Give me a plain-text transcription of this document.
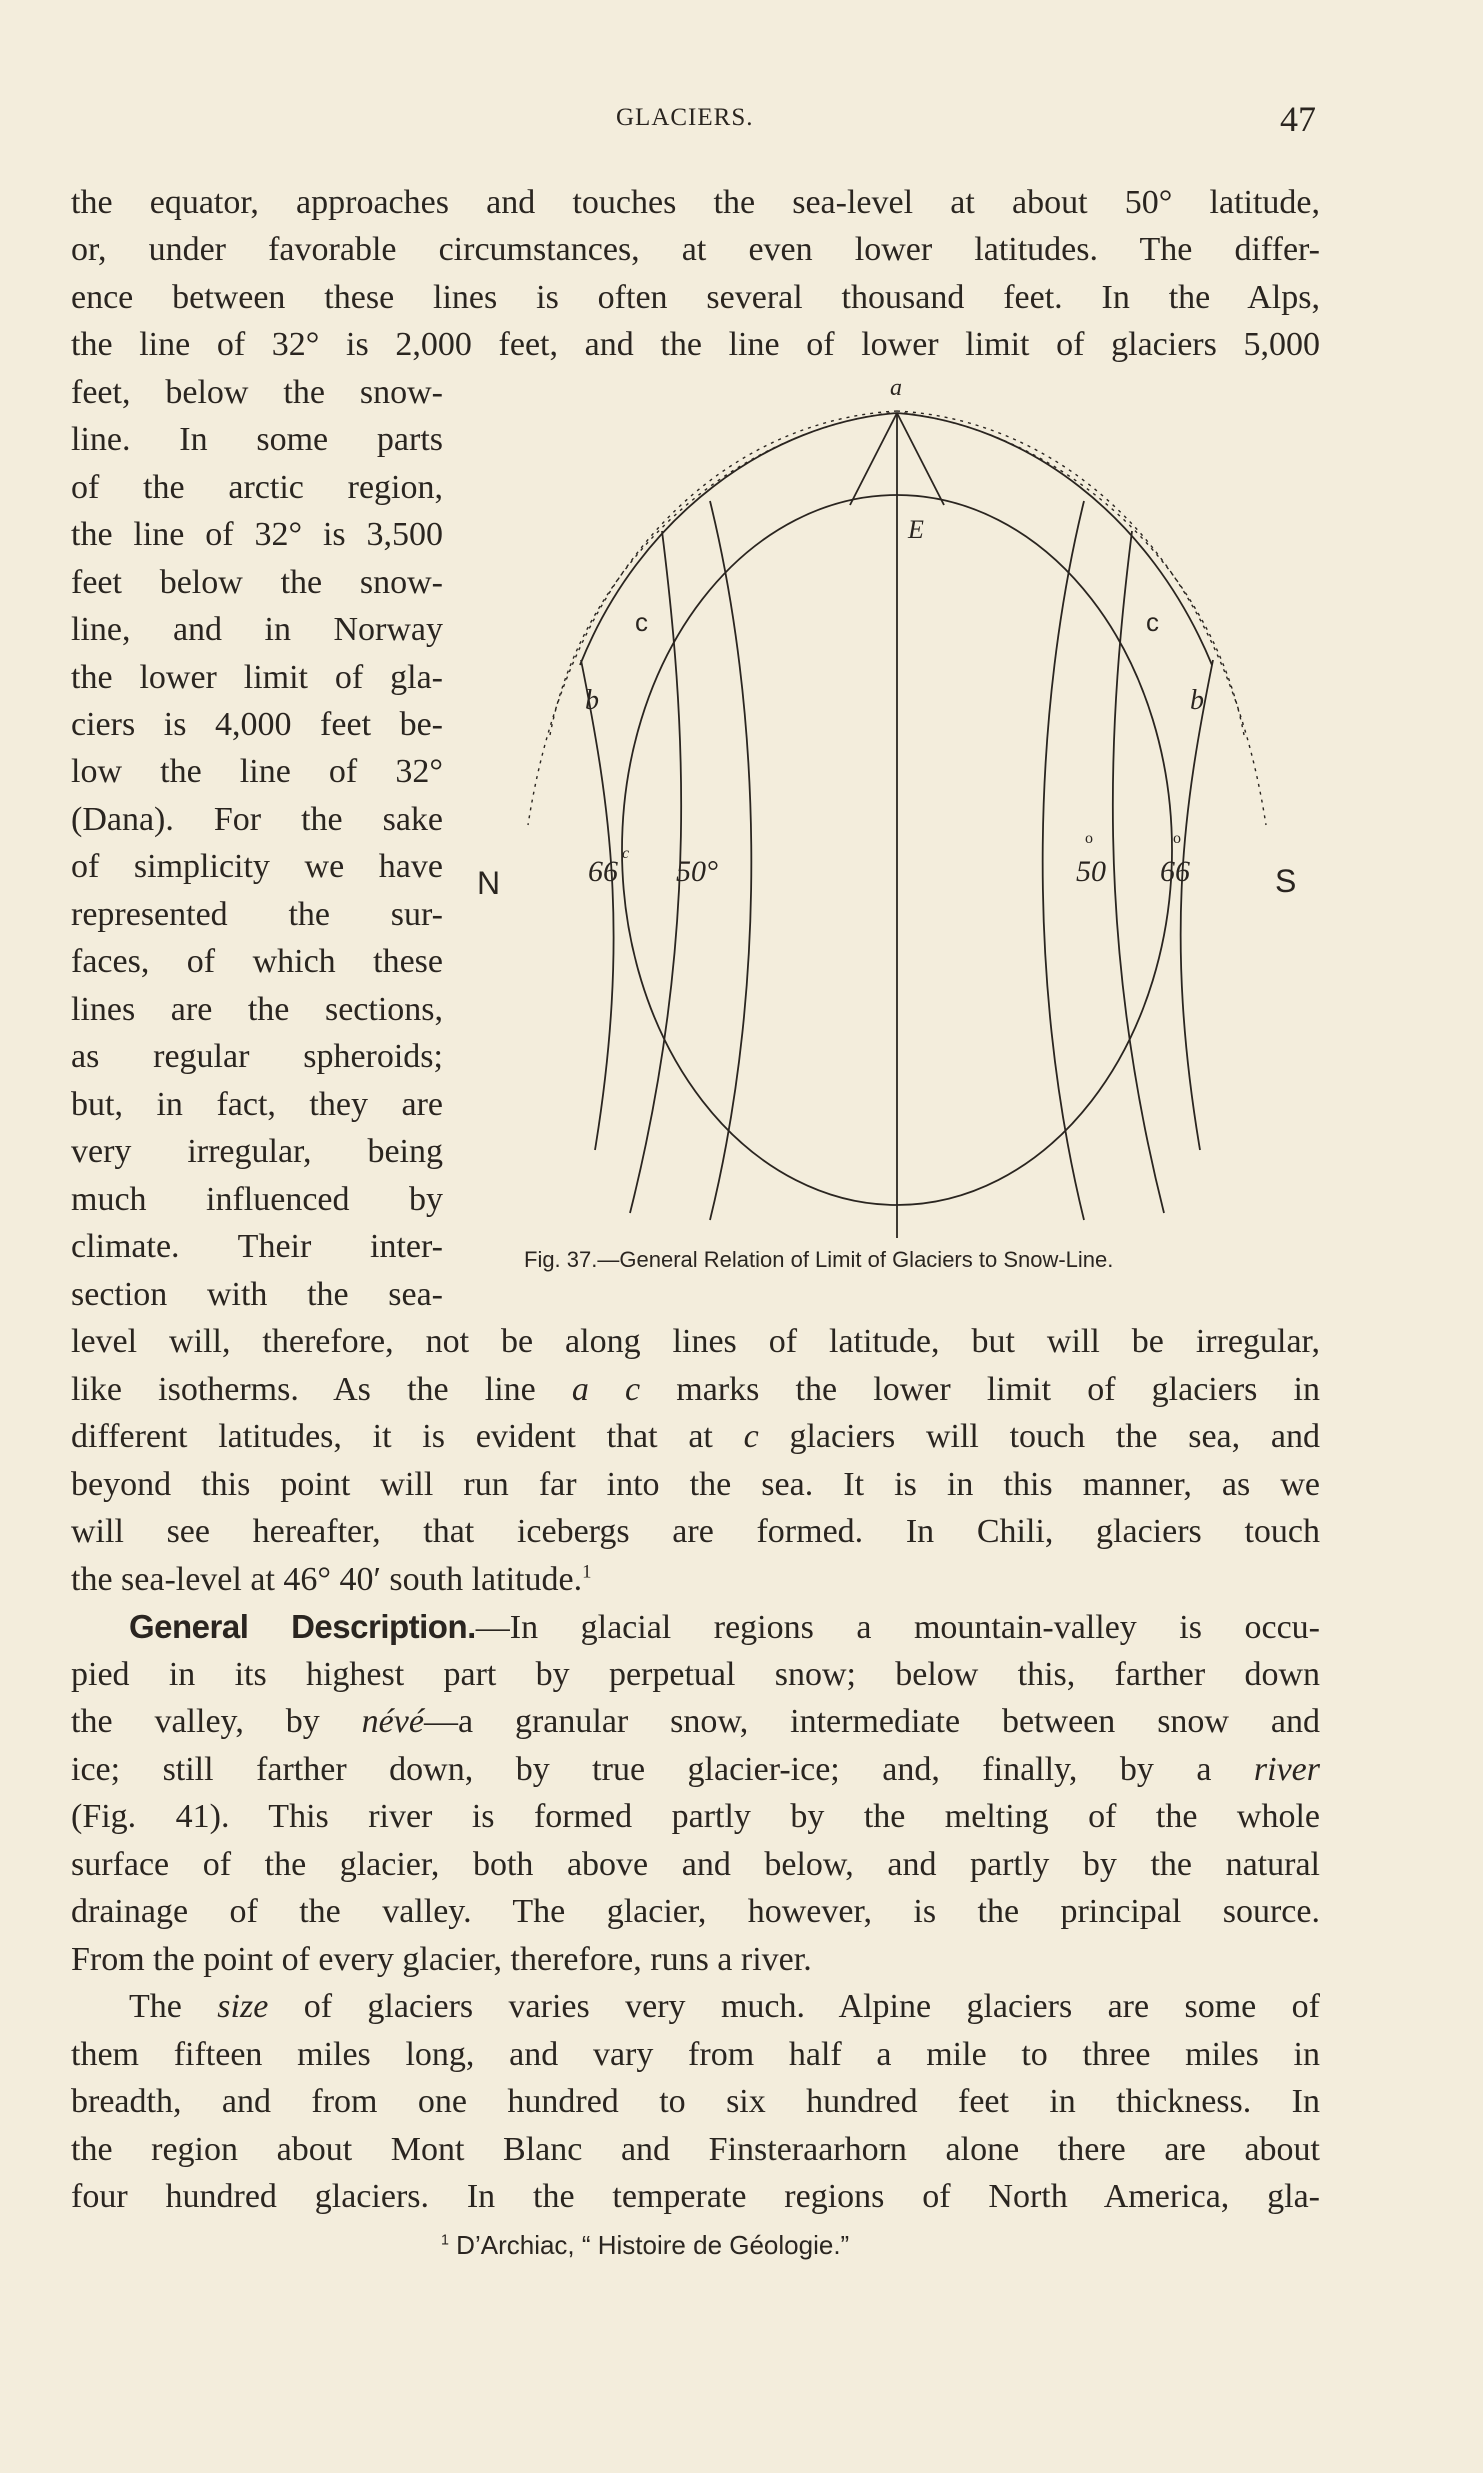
GLACIERS.	47
the equator, approaches and touches the sea-level at about 50° latitude,
or, under favorable circumstances, at even lower latitudes. The differ-
ence between these lines is often several thousand feet. In the Alps,
the line of 32° is 2,000 feet, and the line of lower limit of glaciers 5,000
feet, below the snow-
line. In some parts
of the arctic region,
the line of 32° is 3,500
feet below the snow-
line, and in Norway
the lower limit of gla-
ciers is 4,000 feet be-
low the line of 32°
(Dana). For the sake
of simplicity we have
represented the sur-
faces, of which these
lines are the sections,
as regular spheroids;
but, in fact, they are
very irregular, being
much influenced by
climate. Their inter-
section with the sea-
a
E
c	c
b	b
N	S
66
c
50°	50
o
66
o
Fig. 37.—General Relation of Limit of Glaciers to Snow-Line.
level will, therefore, not be along lines of latitude, but will be irregular,
like isotherms. As the line a c marks the lower limit of glaciers in
different latitudes, it is evident that at c glaciers will touch the sea, and
beyond this point will run far into the sea. It is in this manner, as we
will see hereafter, that icebergs are formed. In Chili, glaciers touch
the sea-level at 46° 40′ south latitude.$^1$
General Description.—In glacial regions a mountain-valley is occu-
pied in its highest part by perpetual snow; below this, farther down
the valley, by névé—a granular snow, intermediate between snow and
ice; still farther down, by true glacier-ice; and, finally, by a river
(Fig. 41). This river is formed partly by the melting of the whole
surface of the glacier, both above and below, and partly by the natural
drainage of the valley. The glacier, however, is the principal source.
From the point of every glacier, therefore, runs a river.
The size of glaciers varies very much. Alpine glaciers are some of
them fifteen miles long, and vary from half a mile to three miles in
breadth, and from one hundred to six hundred feet in thickness. In
the region about Mont Blanc and Finsteraarhorn alone there are about
four hundred glaciers. In the temperate regions of North America, gla-
$^1$ D’Archiac, “ Histoire de Géologie.”
